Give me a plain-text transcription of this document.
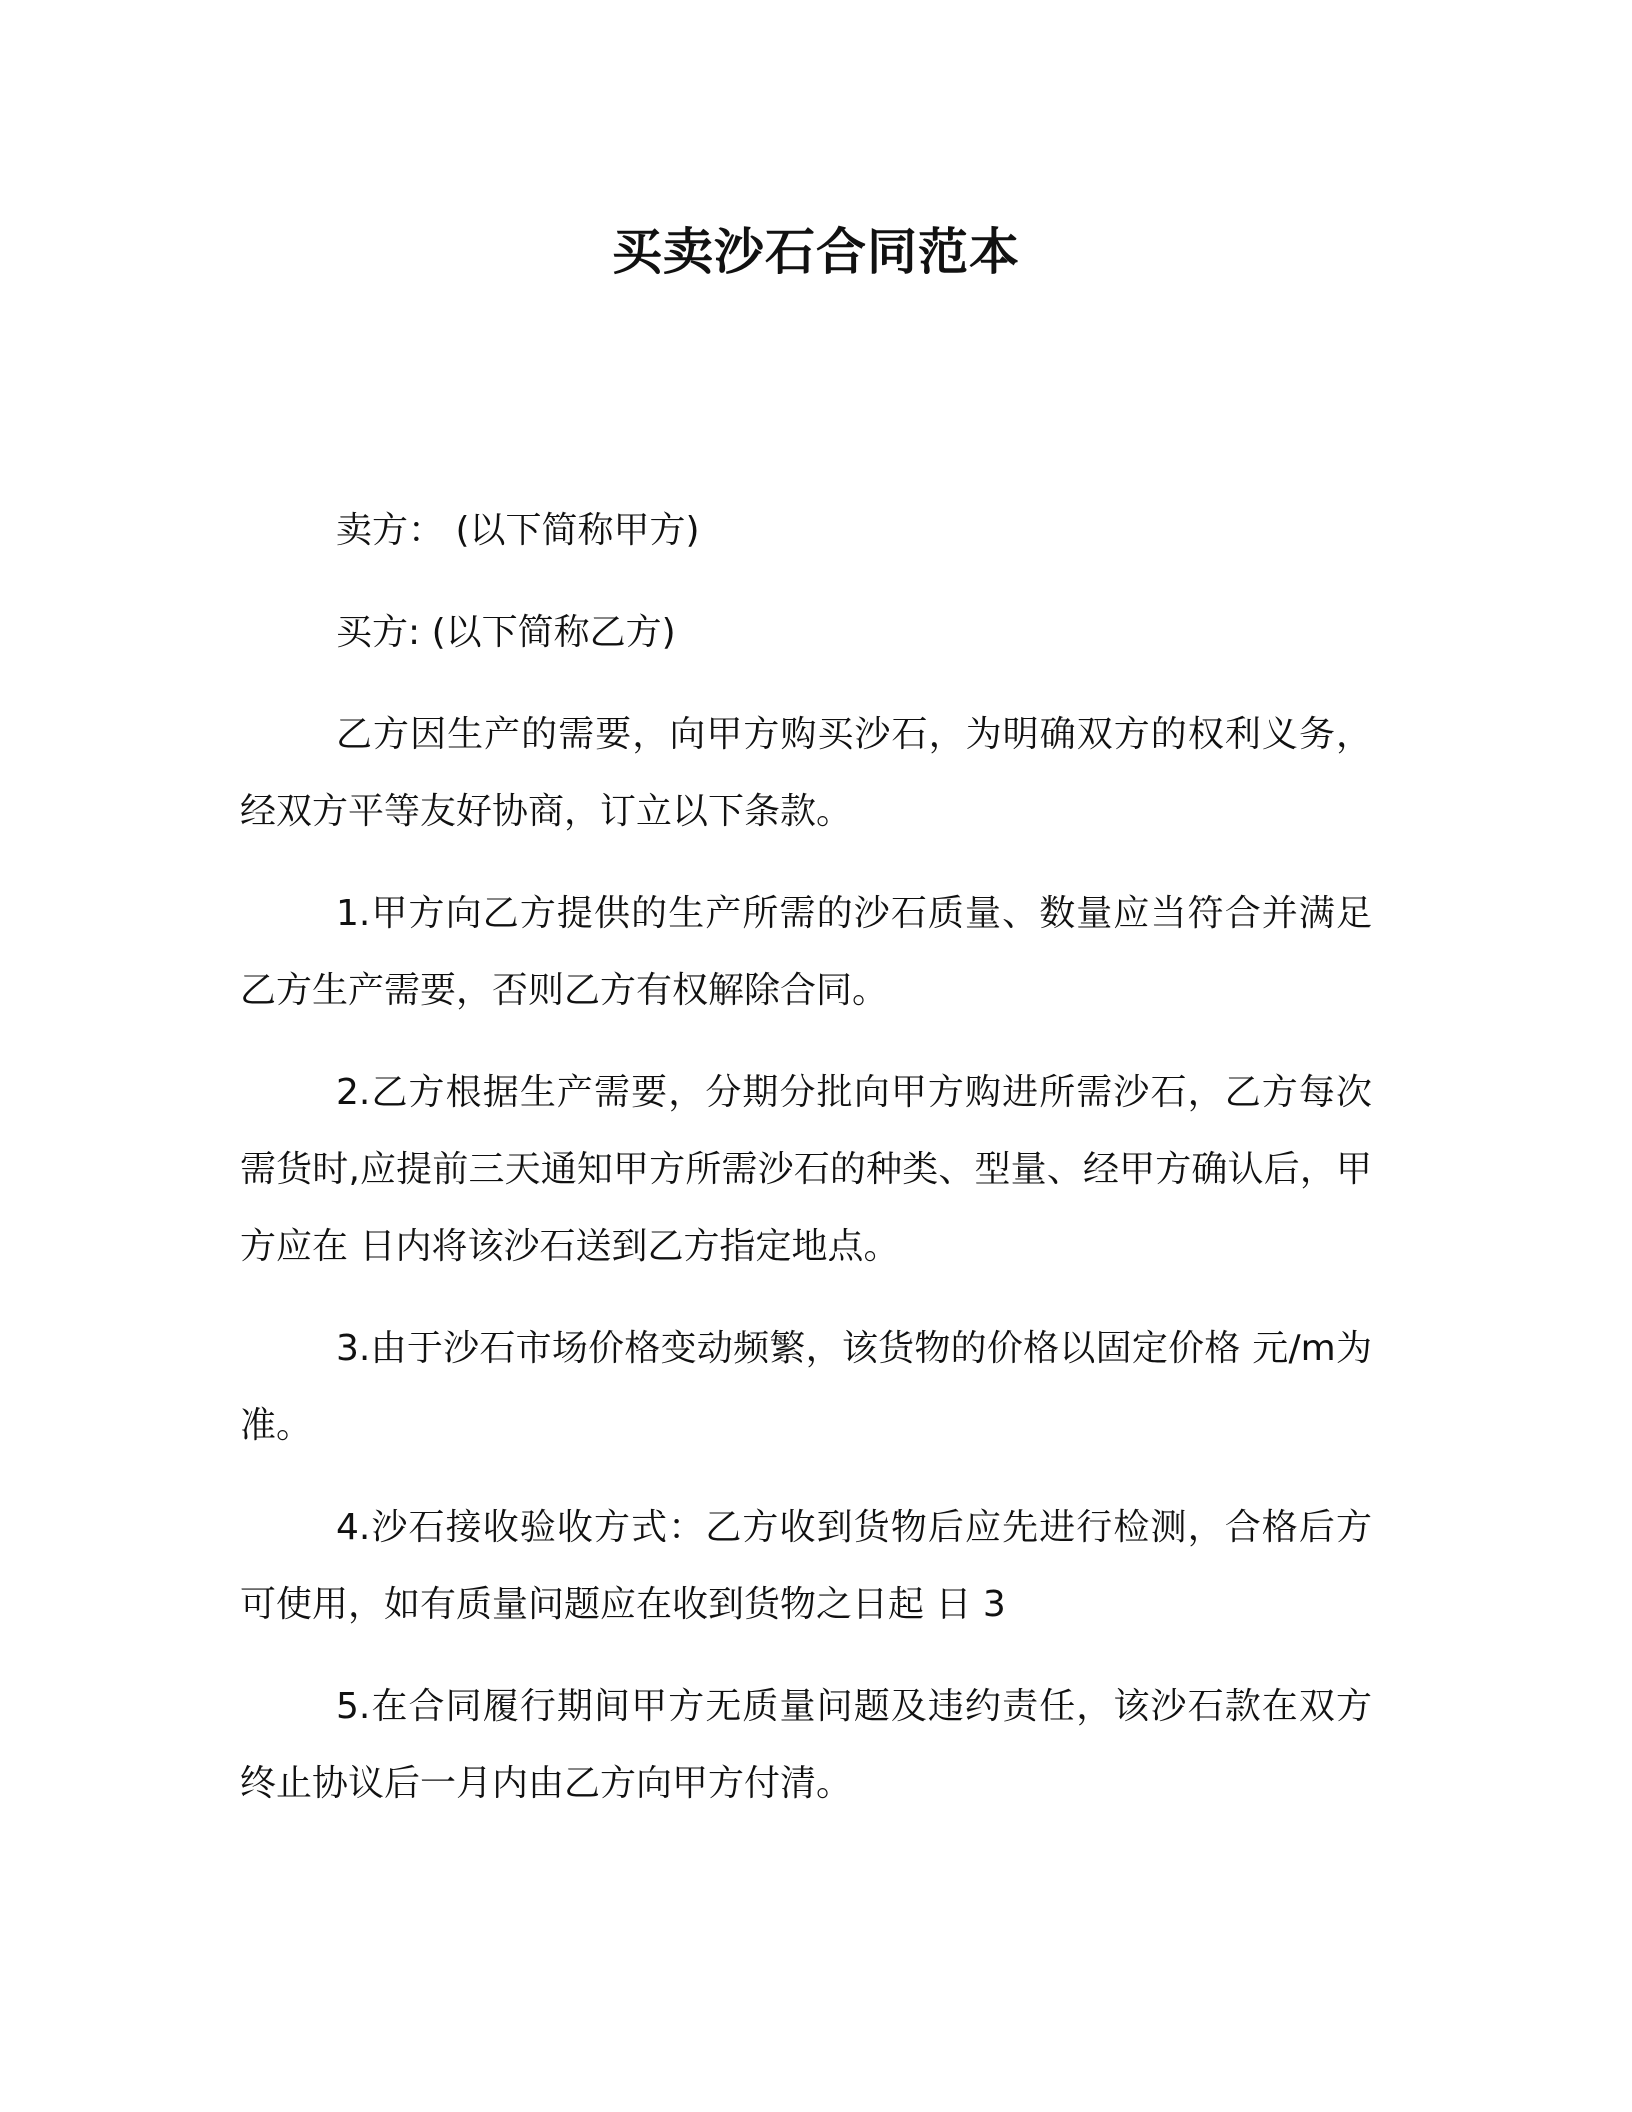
买卖沙石合同范本

卖方： (以下简称甲方)

买方: (以下简称乙方)

乙方因生产的需要，向甲方购买沙石，为明确双方的权利义务，经双方平等友好协商，订立以下条款。

1.甲方向乙方提供的生产所需的沙石质量、数量应当符合并满足乙方生产需要，否则乙方有权解除合同。

2.乙方根据生产需要，分期分批向甲方购进所需沙石，乙方每次需货时,应提前三天通知甲方所需沙石的种类、型量、经甲方确认后，甲方应在 日内将该沙石送到乙方指定地点。

3.由于沙石市场价格变动频繁，该货物的价格以固定价格 元/m为准。

4.沙石接收验收方式：乙方收到货物后应先进行检测，合格后方可使用，如有质量问题应在收到货物之日起 日 3

5.在合同履行期间甲方无质量问题及违约责任，该沙石款在双方终止协议后一月内由乙方向甲方付清。
